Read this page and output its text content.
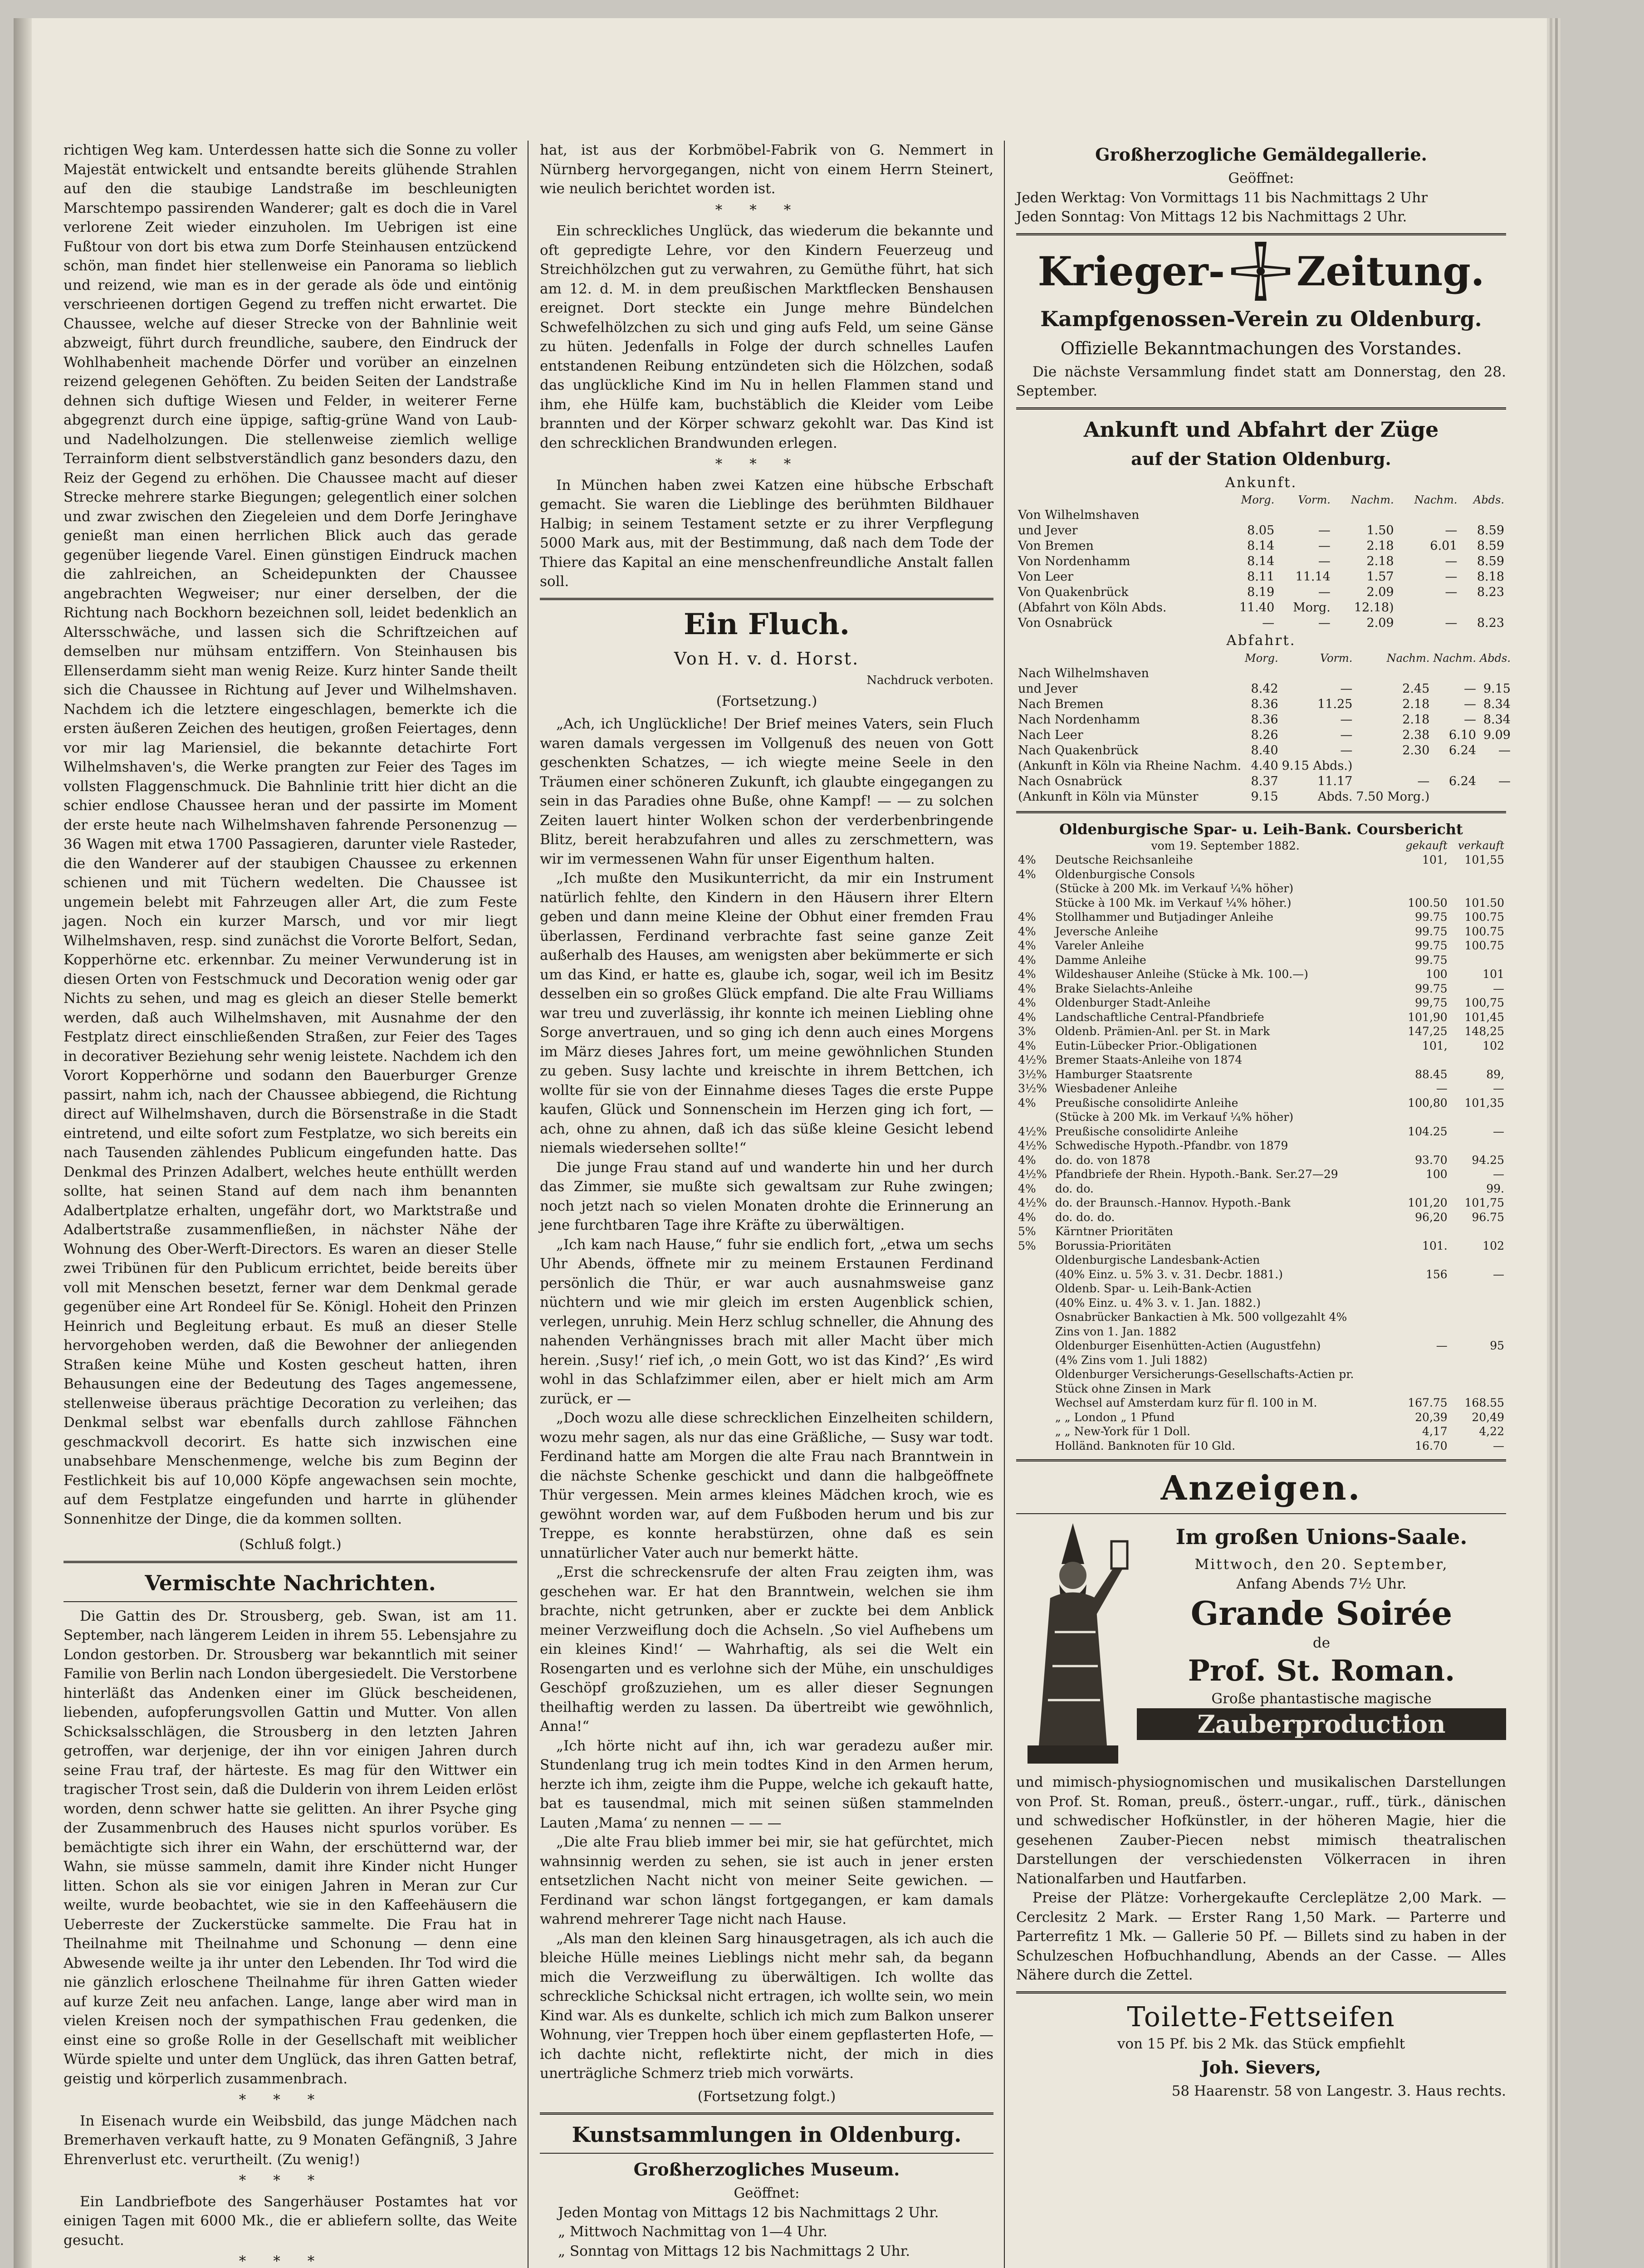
richtigen Weg kam. Unterdessen hatte sich die Sonne zu voller Majestät entwickelt und entsandte bereits glühende Strahlen auf den die staubige Landstraße im beschleunigten Marschtempo passirenden Wanderer; galt es doch die in Varel verlorene Zeit wieder einzuholen. Im Uebrigen ist eine Fußtour von dort bis etwa zum Dorfe Steinhausen entzückend schön, man findet hier stellenweise ein Panorama so lieblich und reizend, wie man es in der gerade als öde und eintönig verschrieenen dortigen Gegend zu treffen nicht erwartet. Die Chaussee, welche auf dieser Strecke von der Bahnlinie weit abzweigt, führt durch freundliche, saubere, den Eindruck der Wohlhabenheit machende Dörfer und vorüber an einzelnen reizend gelegenen Gehöften. Zu beiden Seiten der Landstraße dehnen sich duftige Wiesen und Felder, in weiterer Ferne abgegrenzt durch eine üppige, saftig-grüne Wand von Laub- und Nadelholzungen. Die stellenweise ziemlich wellige Terrainform dient selbstverständlich ganz besonders dazu, den Reiz der Gegend zu erhöhen. Die Chaussee macht auf dieser Strecke mehrere starke Biegungen; gelegentlich einer solchen und zwar zwischen den Ziegeleien und dem Dorfe Jeringhave genießt man einen herrlichen Blick auch das gerade gegenüber liegende Varel. Einen günstigen Eindruck machen die zahlreichen, an Scheidepunkten der Chaussee angebrachten Wegweiser; nur einer derselben, der die Richtung nach Bockhorn bezeichnen soll, leidet bedenklich an Altersschwäche, und lassen sich die Schriftzeichen auf demselben nur mühsam entziffern. Von Steinhausen bis Ellenserdamm sieht man wenig Reize. Kurz hinter Sande theilt sich die Chaussee in Richtung auf Jever und Wilhelmshaven. Nachdem ich die letztere eingeschlagen, bemerkte ich die ersten äußeren Zeichen des heutigen, großen Feiertages, denn vor mir lag Mariensiel, die bekannte detachirte Fort Wilhelmshaven's, die Werke prangten zur Feier des Tages im vollsten Flaggenschmuck. Die Bahnlinie tritt hier dicht an die schier endlose Chaussee heran und der passirte im Moment der erste heute nach Wilhelmshaven fahrende Personenzug — 36 Wagen mit etwa 1700 Passagieren, darunter viele Rasteder, die den Wanderer auf der staubigen Chaussee zu erkennen schienen und mit Tüchern wedelten. Die Chaussee ist ungemein belebt mit Fahrzeugen aller Art, die zum Feste jagen. Noch ein kurzer Marsch, und vor mir liegt Wilhelmshaven, resp. sind zunächst die Vororte Belfort, Sedan, Kopperhörne etc. erkennbar. Zu meiner Verwunderung ist in diesen Orten von Festschmuck und Decoration wenig oder gar Nichts zu sehen, und mag es gleich an dieser Stelle bemerkt werden, daß auch Wilhelmshaven, mit Ausnahme der den Festplatz direct einschließenden Straßen, zur Feier des Tages in decorativer Beziehung sehr wenig leistete. Nachdem ich den Vorort Kopperhörne und sodann den Bauerburger Grenze passirt, nahm ich, nach der Chaussee abbiegend, die Richtung direct auf Wilhelmshaven, durch die Börsenstraße in die Stadt eintretend, und eilte sofort zum Festplatze, wo sich bereits ein nach Tausenden zählendes Publicum eingefunden hatte. Das Denkmal des Prinzen Adalbert, welches heute enthüllt werden sollte, hat seinen Stand auf dem nach ihm benannten Adalbertplatze erhalten, ungefähr dort, wo Marktstraße und Adalbertstraße zusammenfließen, in nächster Nähe der Wohnung des Ober-Werft-Directors. Es waren an dieser Stelle zwei Tribünen für den Publicum errichtet, beide bereits über voll mit Menschen besetzt, ferner war dem Denkmal gerade gegenüber eine Art Rondeel für Se. Königl. Hoheit den Prinzen Heinrich und Begleitung erbaut. Es muß an dieser Stelle hervorgehoben werden, daß die Bewohner der anliegenden Straßen keine Mühe und Kosten gescheut hatten, ihren Behausungen eine der Bedeutung des Tages angemessene, stellenweise überaus prächtige Decoration zu verleihen; das Denkmal selbst war ebenfalls durch zahllose Fähnchen geschmackvoll decorirt. Es hatte sich inzwischen eine unabsehbare Menschenmenge, welche bis zum Beginn der Festlichkeit bis auf 10,000 Köpfe angewachsen sein mochte, auf dem Festplatze eingefunden und harrte in glühender Sonnenhitze der Dinge, die da kommen sollten.

(Schluß folgt.)

Vermischte Nachrichten.

Die Gattin des Dr. Strousberg, geb. Swan, ist am 11. September, nach längerem Leiden in ihrem 55. Lebensjahre zu London gestorben. Dr. Strousberg war bekanntlich mit seiner Familie von Berlin nach London übergesiedelt. Die Verstorbene hinterläßt das Andenken einer im Glück bescheidenen, liebenden, aufopferungsvollen Gattin und Mutter. Von allen Schicksalsschlägen, die Strousberg in den letzten Jahren getroffen, war derjenige, der ihn vor einigen Jahren durch seine Frau traf, der härteste. Es mag für den Wittwer ein tragischer Trost sein, daß die Dulderin von ihrem Leiden erlöst worden, denn schwer hatte sie gelitten. An ihrer Psyche ging der Zusammenbruch des Hauses nicht spurlos vorüber. Es bemächtigte sich ihrer ein Wahn, der erschütternd war, der Wahn, sie müsse sammeln, damit ihre Kinder nicht Hunger litten. Schon als sie vor einigen Jahren in Meran zur Cur weilte, wurde beobachtet, wie sie in den Kaffeehäusern die Ueberreste der Zuckerstücke sammelte. Die Frau hat in Theilnahme mit Theilnahme und Schonung — denn eine Abwesende weilte ja ihr unter den Lebenden. Ihr Tod wird die nie gänzlich erloschene Theilnahme für ihren Gatten wieder auf kurze Zeit neu anfachen. Lange, lange aber wird man in vielen Kreisen noch der sympathischen Frau gedenken, die einst eine so große Rolle in der Gesellschaft mit weiblicher Würde spielte und unter dem Unglück, das ihren Gatten betraf, geistig und körperlich zusammenbrach.

***

In Eisenach wurde ein Weibsbild, das junge Mädchen nach Bremerhaven verkauft hatte, zu 9 Monaten Gefängniß, 3 Jahre Ehrenverlust etc. verurtheilt. (Zu wenig!)

***

Ein Landbriefbote des Sangerhäuser Postamtes hat vor einigen Tagen mit 6000 Mk., die er abliefern sollte, das Weite gesucht.

***

hat, ist aus der Korbmöbel-Fabrik von G. Nemmert in Nürnberg hervorgegangen, nicht von einem Herrn Steinert, wie neulich berichtet worden ist.

***

Ein schreckliches Unglück, das wiederum die bekannte und oft gepredigte Lehre, vor den Kindern Feuerzeug und Streichhölzchen gut zu verwahren, zu Gemüthe führt, hat sich am 12. d. M. in dem preußischen Marktflecken Benshausen ereignet. Dort steckte ein Junge mehre Bündelchen Schwefelhölzchen zu sich und ging aufs Feld, um seine Gänse zu hüten. Jedenfalls in Folge der durch schnelles Laufen entstandenen Reibung entzündeten sich die Hölzchen, sodaß das unglückliche Kind im Nu in hellen Flammen stand und ihm, ehe Hülfe kam, buchstäblich die Kleider vom Leibe brannten und der Körper schwarz gekohlt war. Das Kind ist den schrecklichen Brandwunden erlegen.

***

In München haben zwei Katzen eine hübsche Erbschaft gemacht. Sie waren die Lieblinge des berühmten Bildhauer Halbig; in seinem Testament setzte er zu ihrer Verpflegung 5000 Mark aus, mit der Bestimmung, daß nach dem Tode der Thiere das Kapital an eine menschenfreundliche Anstalt fallen soll.

Ein Fluch.
Von H. v. d. Horst.
Nachdruck verboten.
(Fortsetzung.)

„Ach, ich Unglückliche! Der Brief meines Vaters, sein Fluch waren damals vergessen im Vollgenuß des neuen von Gott geschenkten Schatzes, — ich wiegte meine Seele in den Träumen einer schöneren Zukunft, ich glaubte eingegangen zu sein in das Paradies ohne Buße, ohne Kampf! — — zu solchen Zeiten lauert hinter Wolken schon der verderbenbringende Blitz, bereit herabzufahren und alles zu zerschmettern, was wir im vermessenen Wahn für unser Eigenthum halten.

„Ich mußte den Musikunterricht, da mir ein Instrument natürlich fehlte, den Kindern in den Häusern ihrer Eltern geben und dann meine Kleine der Obhut einer fremden Frau überlassen, Ferdinand verbrachte fast seine ganze Zeit außerhalb des Hauses, am wenigsten aber bekümmerte er sich um das Kind, er hatte es, glaube ich, sogar, weil ich im Besitz desselben ein so großes Glück empfand. Die alte Frau Williams war treu und zuverlässig, ihr konnte ich meinen Liebling ohne Sorge anvertrauen, und so ging ich denn auch eines Morgens im März dieses Jahres fort, um meine gewöhnlichen Stunden zu geben. Susy lachte und kreischte in ihrem Bettchen, ich wollte für sie von der Einnahme dieses Tages die erste Puppe kaufen, Glück und Sonnenschein im Herzen ging ich fort, — ach, ohne zu ahnen, daß ich das süße kleine Gesicht lebend niemals wiedersehen sollte!“

Die junge Frau stand auf und wanderte hin und her durch das Zimmer, sie mußte sich gewaltsam zur Ruhe zwingen; noch jetzt nach so vielen Monaten drohte die Erinnerung an jene furchtbaren Tage ihre Kräfte zu überwältigen.

„Ich kam nach Hause,“ fuhr sie endlich fort, „etwa um sechs Uhr Abends, öffnete mir zu meinem Erstaunen Ferdinand persönlich die Thür, er war auch ausnahmsweise ganz nüchtern und wie mir gleich im ersten Augenblick schien, verlegen, unruhig. Mein Herz schlug schneller, die Ahnung des nahenden Verhängnisses brach mit aller Macht über mich herein. ‚Susy!‘ rief ich, ‚o mein Gott, wo ist das Kind?‘ ‚Es wird wohl in das Schlafzimmer eilen, aber er hielt mich am Arm zurück, er —

„Doch wozu alle diese schrecklichen Einzelheiten schildern, wozu mehr sagen, als nur das eine Gräßliche, — Susy war todt. Ferdinand hatte am Morgen die alte Frau nach Branntwein in die nächste Schenke geschickt und dann die halbgeöffnete Thür vergessen. Mein armes kleines Mädchen kroch, wie es gewöhnt worden war, auf dem Fußboden herum und bis zur Treppe, es konnte herabstürzen, ohne daß es sein unnatürlicher Vater auch nur bemerkt hätte.

„Erst die schreckensrufe der alten Frau zeigten ihm, was geschehen war. Er hat den Branntwein, welchen sie ihm brachte, nicht getrunken, aber er zuckte bei dem Anblick meiner Verzweiflung doch die Achseln. ‚So viel Aufhebens um ein kleines Kind!‘ — Wahrhaftig, als sei die Welt ein Rosengarten und es verlohne sich der Mühe, ein unschuldiges Geschöpf großzuziehen, um es aller dieser Segnungen theilhaftig werden zu lassen. Da übertreibt wie gewöhnlich, Anna!“

„Ich hörte nicht auf ihn, ich war geradezu außer mir. Stundenlang trug ich mein todtes Kind in den Armen herum, herzte ich ihm, zeigte ihm die Puppe, welche ich gekauft hatte, bat es tausendmal, mich mit seinen süßen stammelnden Lauten ‚Mama‘ zu nennen — — —

„Die alte Frau blieb immer bei mir, sie hat gefürchtet, mich wahnsinnig werden zu sehen, sie ist auch in jener ersten entsetzlichen Nacht nicht von meiner Seite gewichen. — Ferdinand war schon längst fortgegangen, er kam damals wahrend mehrerer Tage nicht nach Hause.

„Als man den kleinen Sarg hinausgetragen, als ich auch die bleiche Hülle meines Lieblings nicht mehr sah, da begann mich die Verzweiflung zu überwältigen. Ich wollte das schreckliche Schicksal nicht ertragen, ich wollte sein, wo mein Kind war. Als es dunkelte, schlich ich mich zum Balkon unserer Wohnung, vier Treppen hoch über einem gepflasterten Hofe, — ich dachte nicht, reflektirte nicht, der mich in dies unerträgliche Schmerz trieb mich vorwärts.

(Fortsetzung folgt.)
Kunstsammlungen in Oldenburg.
Großherzogliches Museum.
Geöffnet:
Jeden Montag von Mittags 12 bis Nachmittags 2 Uhr.
„ Mittwoch Nachmittag von 1—4 Uhr.
„ Sonntag von Mittags 12 bis Nachmittags 2 Uhr.
Großherzogliche Gemäldegallerie.
Geöffnet:
Jeden Werktag: Von Vormittags 11 bis Nachmittags 2 Uhr
Jeden Sonntag: Von Mittags 12 bis Nachmittags 2 Uhr.
Krieger- Zeitung.
Kampfgenossen-Verein zu Oldenburg.
Offizielle Bekanntmachungen des Vorstandes.

Die nächste Versammlung findet statt am Donnerstag, den 28. September.

Ankunft und Abfahrt der Züge
auf der Station Oldenburg.
Ankunft.
	Morg.	Vorm.	Nachm.	Nachm.	Abds.
Von Wilhelmshaven					
und Jever	8.05	—	1.50	—	8.59
Von Bremen	8.14	—	2.18	6.01	8.59
Von Nordenhamm	8.14	—	2.18	—	8.59
Von Leer	8.11	11.14	1.57	—	8.18
Von Quakenbrück	8.19	—	2.09	—	8.23
(Abfahrt von Köln Abds.	11.40	Morg.	12.18)		
Von Osnabrück	—	—	2.09	—	8.23
Abfahrt.
	Morg.	Vorm.	Nachm.	Nachm.	Abds.
Nach Wilhelmshaven					
und Jever	8.42	—	2.45	—	9.15
Nach Bremen	8.36	11.25	2.18	—	8.34
Nach Nordenhamm	8.36	—	2.18	—	8.34
Nach Leer	8.26	—	2.38	6.10	9.09
Nach Quakenbrück	8.40	—	2.30	6.24	—
(Ankunft in Köln via Rheine Nachm.	4.40	9.15 Abds.)			
Nach Osnabrück	8.37	11.17	—	6.24	—
(Ankunft in Köln via Münster	9.15	Abds.	7.50 Morg.)		
Oldenburgische Spar- u. Leih-Bank. Coursbericht
	vom 19. September 1882.	gekauft	verkauft
4%	Deutsche Reichsanleihe	101,	101,55
4%	Oldenburgische Consols		
	(Stücke à 200 Mk. im Verkauf ¼% höher)		
	Stücke à 100 Mk. im Verkauf ¼% höher.)	100.50	101.50
4%	Stollhammer und Butjadinger Anleihe	99.75	100.75
4%	Jeversche Anleihe	99.75	100.75
4%	Vareler Anleihe	99.75	100.75
4%	Damme Anleihe	99.75	
4%	Wildeshauser Anleihe (Stücke à Mk. 100.—)	100	101
4%	Brake Sielachts-Anleihe	99.75	—
4%	Oldenburger Stadt-Anleihe	99,75	100,75
4%	Landschaftliche Central-Pfandbriefe	101,90	101,45
3%	Oldenb. Prämien-Anl. per St. in Mark	147,25	148,25
4%	Eutin-Lübecker Prior.-Obligationen	101,	102
4½%	Bremer Staats-Anleihe von 1874		
3½%	Hamburger Staatsrente	88.45	89,
3½%	Wiesbadener Anleihe	—	—
4%	Preußische consolidirte Anleihe	100,80	101,35
	(Stücke à 200 Mk. im Verkauf ¼% höher)		
4½%	Preußische consolidirte Anleihe	104.25	—
4½%	Schwedische Hypoth.-Pfandbr. von 1879		
4%	do. do. von 1878	93.70	94.25
4½%	Pfandbriefe der Rhein. Hypoth.-Bank. Ser.27—29	100	—
4%	do. do.		99.
4½%	do. der Braunsch.-Hannov. Hypoth.-Bank	101,20	101,75
4%	do. do. do.	96,20	96.75
5%	Kärntner Prioritäten		
5%	Borussia-Prioritäten	101.	102
	Oldenburgische Landesbank-Actien		
	(40% Einz. u. 5% 3. v. 31. Decbr. 1881.)	156	—
	Oldenb. Spar- u. Leih-Bank-Actien		
	(40% Einz. u. 4% 3. v. 1. Jan. 1882.)		
	Osnabrücker Bankactien à Mk. 500 vollgezahlt 4%		
	Zins von 1. Jan. 1882		
	Oldenburger Eisenhütten-Actien (Augustfehn)	—	95
	(4% Zins vom 1. Juli 1882)		
	Oldenburger Versicherungs-Gesellschafts-Actien pr.		
	Stück ohne Zinsen in Mark		
	Wechsel auf Amsterdam kurz für fl. 100 in M.	167.75	168.55
	„ „ London „ 1 Pfund	20,39	20,49
	„ „ New-York für 1 Doll.	4,17	4,22
	Holländ. Banknoten für 10 Gld.	16.70	—
Anzeigen.
Im großen Unions-Saale.
Mittwoch, den 20. September,
Anfang Abends 7½ Uhr.
Grande Soirée
de
Prof. St. Roman.
Große phantastische magische
Zauberproduction

und mimisch-physiognomischen und musikalischen Darstellungen von Prof. St. Roman, preuß., österr.-ungar., ruff., türk., dänischen und schwedischer Hofkünstler, in der höheren Magie, hier die gesehenen Zauber-Piecen nebst mimisch theatralischen Darstellungen der verschiedensten Völkerracen in ihren Nationalfarben und Hautfarben.

Preise der Plätze: Vorhergekaufte Cercleplätze 2,00 Mark. — Cerclesitz 2 Mark. — Erster Rang 1,50 Mark. — Parterre und Parterrefitz 1 Mk. — Gallerie 50 Pf. — Billets sind zu haben in der Schulzeschen Hofbuchhandlung, Abends an der Casse. — Alles Nähere durch die Zettel.

Toilette-Fettseifen
von 15 Pf. bis 2 Mk. das Stück empfiehlt
Joh. Sievers,
58 Haarenstr. 58 von Langestr. 3. Haus rechts.
